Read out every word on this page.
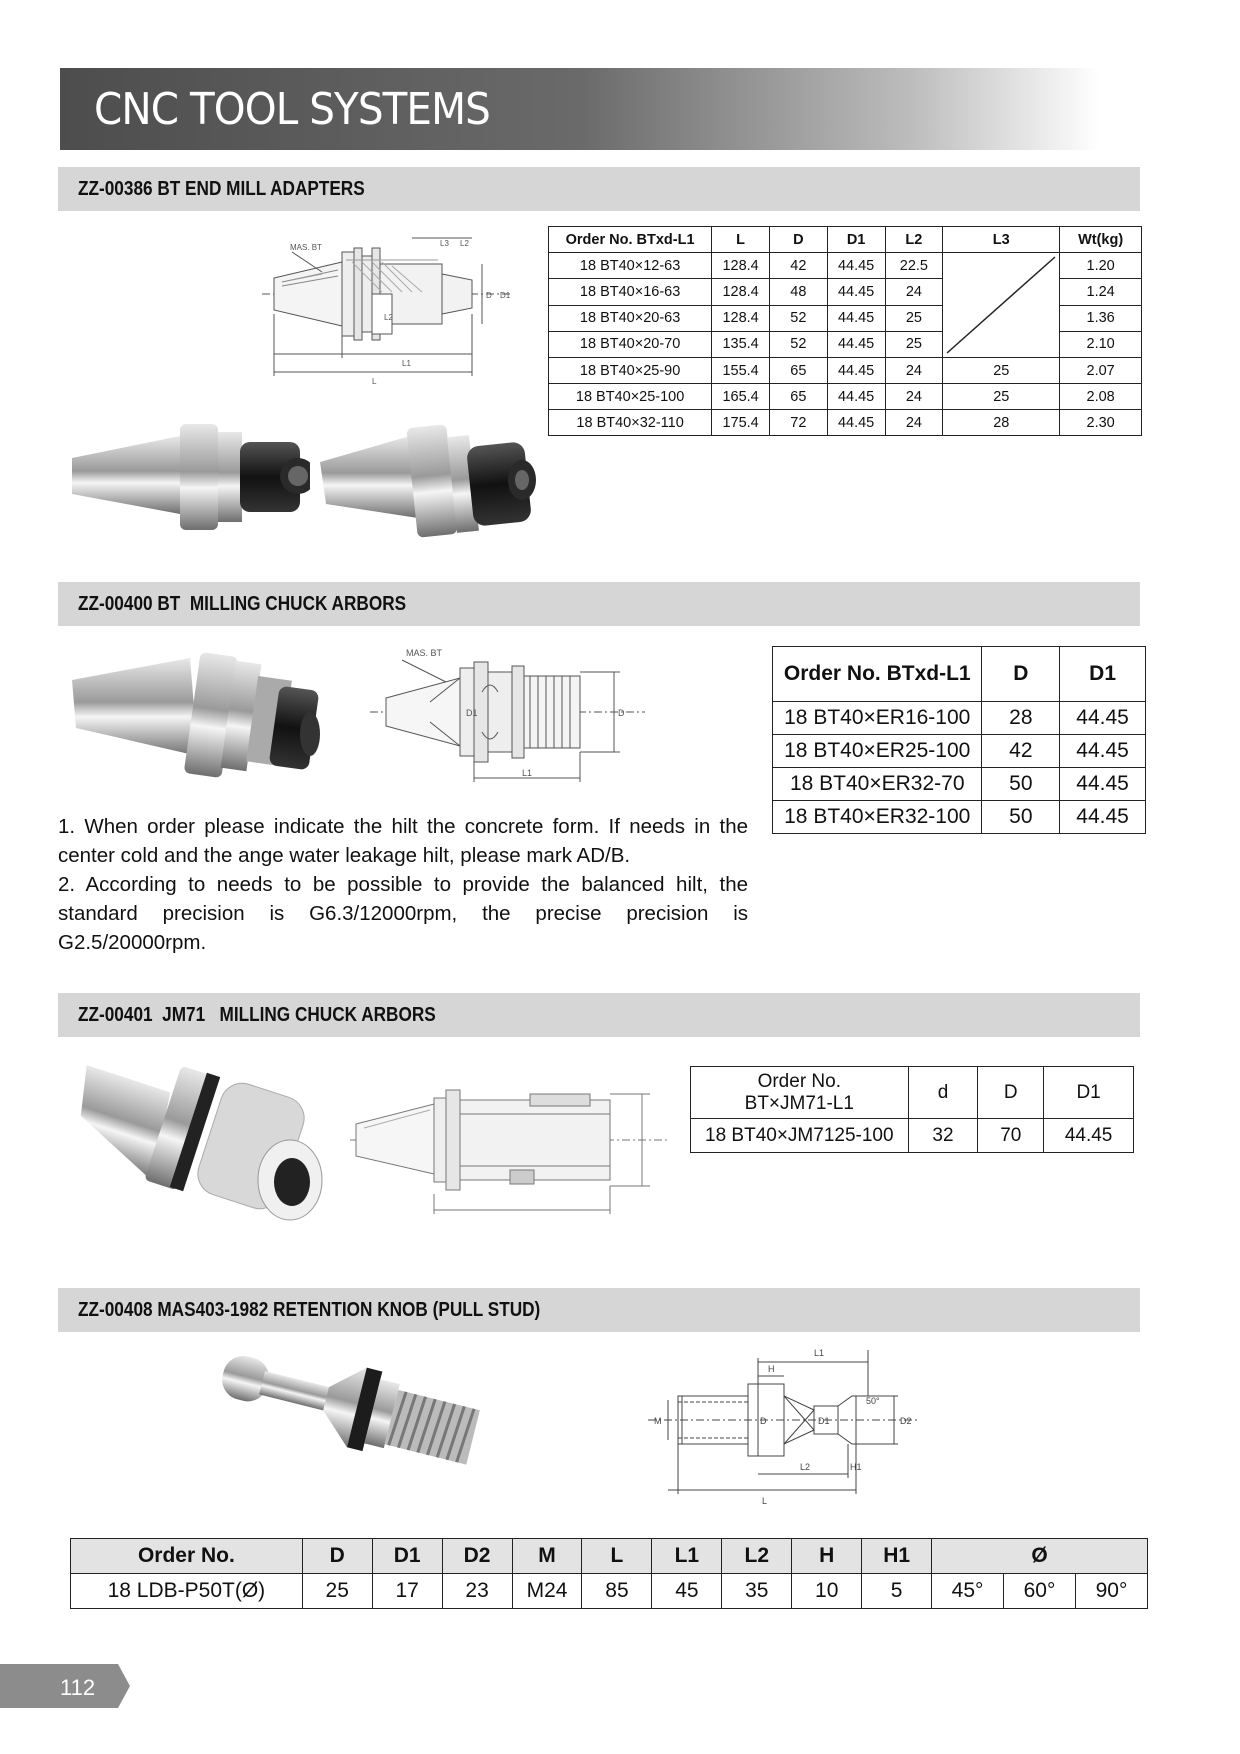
CNC TOOL SYSTEMS
ZZ-00386 BT END MILL ADAPTERS
MAS. BT	L3 L2
L2
L1
L
D D1
Order No. BTxd-L1	L	D	D1	L2	L3	Wt(kg)
18 BT40×12-63	128.4	42	44.45	22.5		1.20
18 BT40×16-63	128.4	48	44.45	24		1.24
18 BT40×20-63	128.4	52	44.45	25		1.36
18 BT40×20-70	135.4	52	44.45	25		2.10
18 BT40×25-90	155.4	65	44.45	24	25	2.07
18 BT40×25-100	165.4	65	44.45	24	25	2.08
18 BT40×32-110	175.4	72	44.45	24	28	2.30
ZZ-00400 BT  MILLING CHUCK ARBORS
MAS. BT
D1	D
L1
Order No. BTxd-L1	D	D1
18 BT40×ER16-100	28	44.45
18 BT40×ER25-100	42	44.45
18 BT40×ER32-70	50	44.45
18 BT40×ER32-100	50	44.45

1. When order please indicate the hilt the concrete form. If needs in the center cold and the ange water leakage hilt, please mark AD/B.

2. According to needs to be possible to provide the balanced hilt, the standard precision is G6.3/12000rpm, the precise precision is G2.5/20000rpm.

ZZ-00401  JM71   MILLING CHUCK ARBORS
Order No.
BT×JM71-L1	d	D	D1
18 BT40×JM7125-100	32	70	44.45
ZZ-00408 MAS403-1982 RETENTION KNOB (PULL STUD)
L1
H
50°
M	D	D1	D2
L2	H1
L
Order No.	D	D1	D2	M	L	L1	L2	H	H1	Ø		
18 LDB-P50T(Ø)	25	17	23	M24	85	45	35	10	5	45°	60°	90°
112
